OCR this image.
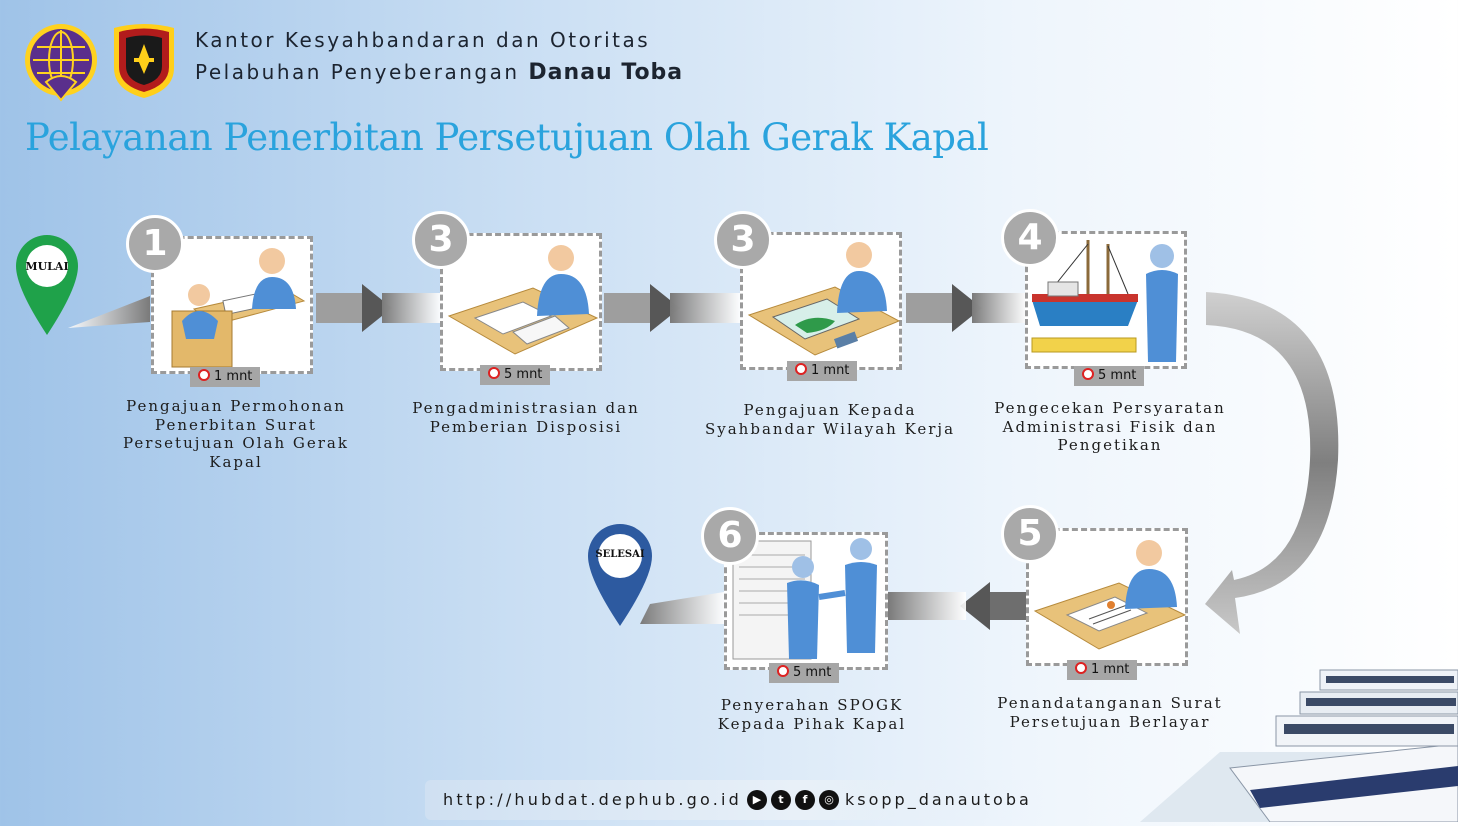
Kantor Kesyahbandaran dan Otoritas
Pelabuhan Penyeberangan Danau Toba
Pelayanan Penerbitan Persetujuan Olah Gerak Kapal
MULAI
SELESAI
1
1 mnt
Pengajuan Permohonan Penerbitan Surat Persetujuan Olah Gerak Kapal
3
5 mnt
Pengadministrasian dan Pemberian Disposisi
3
1 mnt
Pengajuan Kepada Syahbandar Wilayah Kerja
4
5 mnt
Pengecekan Persyaratan Administrasi Fisik dan Pengetikan
5
1 mnt
Penandatanganan Surat Persetujuan Berlayar
6
5 mnt
Penyerahan SPOGK Kepada Pihak Kapal
http://hubdat.dephub.go.id ▶	t	f	◎ ksopp_danautoba
